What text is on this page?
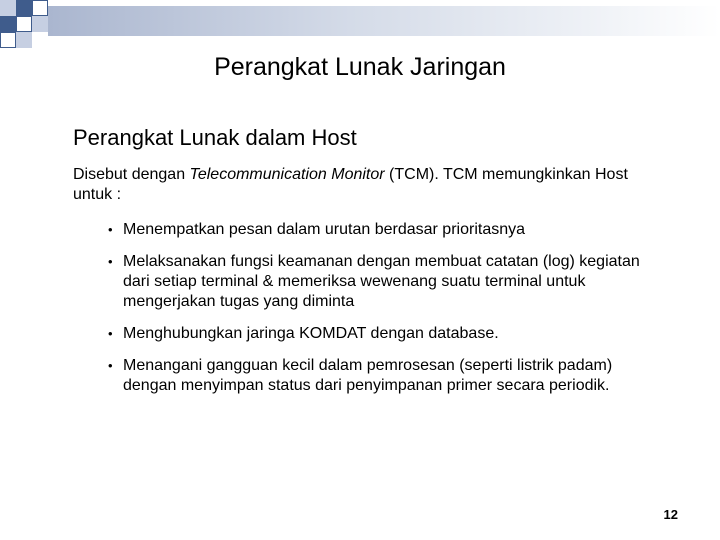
Perangkat Lunak Jaringan
Perangkat Lunak dalam Host

Disebut dengan Telecommunication Monitor (TCM). TCM memungkinkan Host untuk :

• Menempatkan pesan dalam urutan berdasar prioritasnya
• Melaksanakan fungsi keamanan dengan membuat catatan (log) kegiatan dari setiap terminal & memeriksa wewenang suatu terminal untuk mengerjakan tugas yang diminta
• Menghubungkan jaringa KOMDAT dengan database.
• Menangani gangguan kecil dalam pemrosesan (seperti listrik padam) dengan menyimpan status dari penyimpanan primer secara periodik.
12
